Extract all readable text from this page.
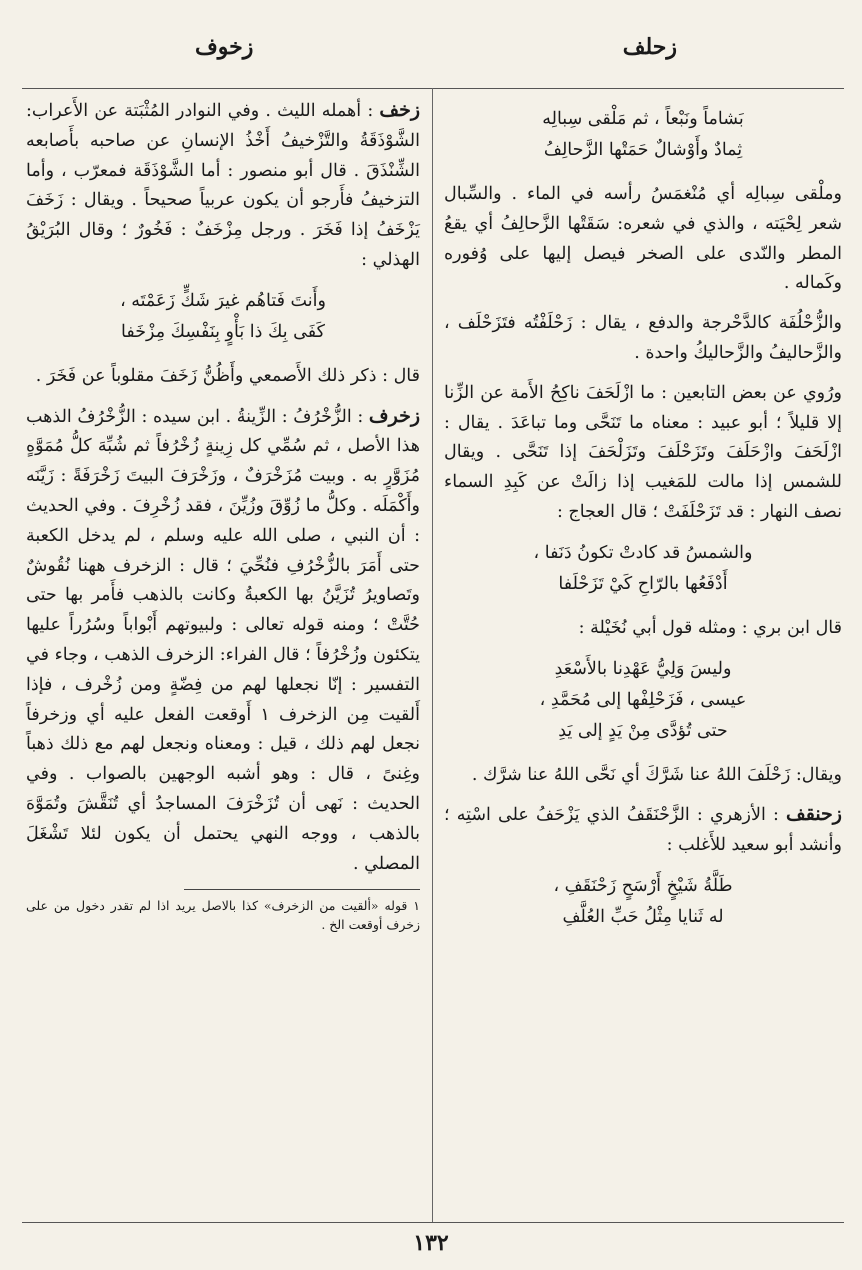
زحلف
زخوف
بَشاماً ونَبْعاً ، ثم مَلْقى سِبالِه
ثِمادٌ وأَوْشالٌ حَمَتْها الزَّحالِفُ

وملْقى سِبالِه أي مُنْغمَسُ رأسه في الماء . والسِّبال شعر لِحْيَته ، والذي في شعره: سَقَتْها الزَّحالِفُ أي يقعُ المطر والنّدى على الصخر فيصل إليها على وُفوره وكَماله .

والزُّحْلُفَة كالدَّحْرجة والدفع ، يقال : زَحْلَفْتُه فتَزَحْلَف ، والزَّحاليفُ والزَّحاليكُ واحدة .

ورُوي عن بعض التابعين : ما ازْلَحَفَ ناكِحُ الأَمة عن الزِّنا إلا قليلاً ؛ أبو عبيد : معناه ما تَنَحَّى وما تباعَدَ . يقال : ازْلَحَفَ وازْحَلَفَ وتَزَحْلَفَ وتَزَلْحَفَ إذا تَنَحَّى . ويقال للشمس إذا مالت للمَغيب إذا زالَتْ عن كَبِدِ السماء نصف النهار : قد تَزَحْلَفَتْ ؛ قال العجاج :

والشمسُ قد كادتْ تكونُ دَنَفا ،
أَدْفَعُها بالرّاحِ كَيْ تَزَحْلَفا

قال ابن بري : ومثله قول أبي نُخَيْلة :

وليسَ وَلِيُّ عَهْدِنا بالأَسْعَدِ
عيسى ، فَزَحْلِفْها إلى مُحَمَّدِ ،
حتى تُؤدَّى مِنْ يَدٍ إلى يَدِ

ويقال: زَحْلَفَ اللهُ عنا شَرَّكَ أي نَحَّى اللهُ عنا شرَّك .

زحنقف : الأزهري : الزَّحْنَقَفُ الذي يَزْحَفُ على اسْتِه ؛ وأنشد أبو سعيد للأَغلب :

طَلَّةُ شَيْخٍ أَرْسَحٍ زَحْنَقَفِ ،
له ثَنايا مِثْلُ حَبِّ العُلَّفِ

زخف : أهمله الليث . وفي النوادر المُثْبَتة عن الأَعراب: الشَّوْذَقَةُ والتَّزْخيفُ أَخْذُ الإنسانِ عن صاحبه بأَصابعه الشِّنْذَقَ . قال أبو منصور : أما الشَّوْذَقَة فمعرّب ، وأما التزخيفُ فأَرجو أن يكون عربياً صحيحاً . ويقال : زَخَفَ يَزْخَفُ إذا فَخَرَ . ورجل مِزْخَفٌ : فَخُورٌ ؛ وقال البُرَيْقُ الهذلي :

وأَنتَ فَتاهُم غيرَ شَكٍّ زَعَمْتَه ،
كَفَى بِكَ ذا بَأْوٍ بِنَفْسِكَ مِزْخَفا

قال : ذكر ذلك الأَصمعي وأَظُنُّ زَخَفَ مقلوباً عن فَخَرَ .

زخرف : الزُّخْرُفُ : الزِّينةُ . ابن سيده : الزُّخْرُفُ الذهب هذا الأصل ، ثم سُمِّي كل زِينةٍ زُخْرُفاً ثم شُبِّهَ كلُّ مُمَوَّهٍ مُزَوَّرٍ به . وبيت مُزَخْرَفٌ ، وزَخْرَفَ البيتَ زَخْرَفَةً : زَيَّنَه وأَكْمَلَه . وكلُّ ما زُوِّقَ وزُيِّنَ ، فقد زُخْرِفَ . وفي الحديث : أن النبي ، صلى الله عليه وسلم ، لم يدخل الكعبة حتى أَمَرَ بالزُّخْرُفِ فنُحِّيَ ؛ قال : الزخرف ههنا نُقُوشٌ وتَصاويرُ تُزَيَّنُ بها الكعبةُ وكانت بالذهب فأَمر بها حتى حُتَّتْ ؛ ومنه قوله تعالى : ولبيوتهم أَبْواباً وسُرُراً عليها يتكئون وزُخْرُفاً ؛ قال الفراء: الزخرف الذهب ، وجاء في التفسير : إنّا نجعلها لهم من فِضّةٍ ومن زُخْرف ، فإذا أَلقيت مِن الزخرف ١ أَوقعت الفعل عليه أي وزخرفاً نجعل لهم ذلك ، قيل : ومعناه ونجعل لهم مع ذلك ذهباً وغِنىً ، قال : وهو أشبه الوجهين بالصواب . وفي الحديث : نَهى أن تُزَخْرَفَ المساجدُ أي تُنَقَّشَ وتُمَوَّهَ بالذهب ، ووجه النهي يحتمل أن يكون لئلا تَشْغَلَ المصلي .

١ قوله «ألقيت من الزخرف» كذا بالاصل يريد اذا لم تقدر دخول من على زخرف أوقعت الخ .

١٣٢
